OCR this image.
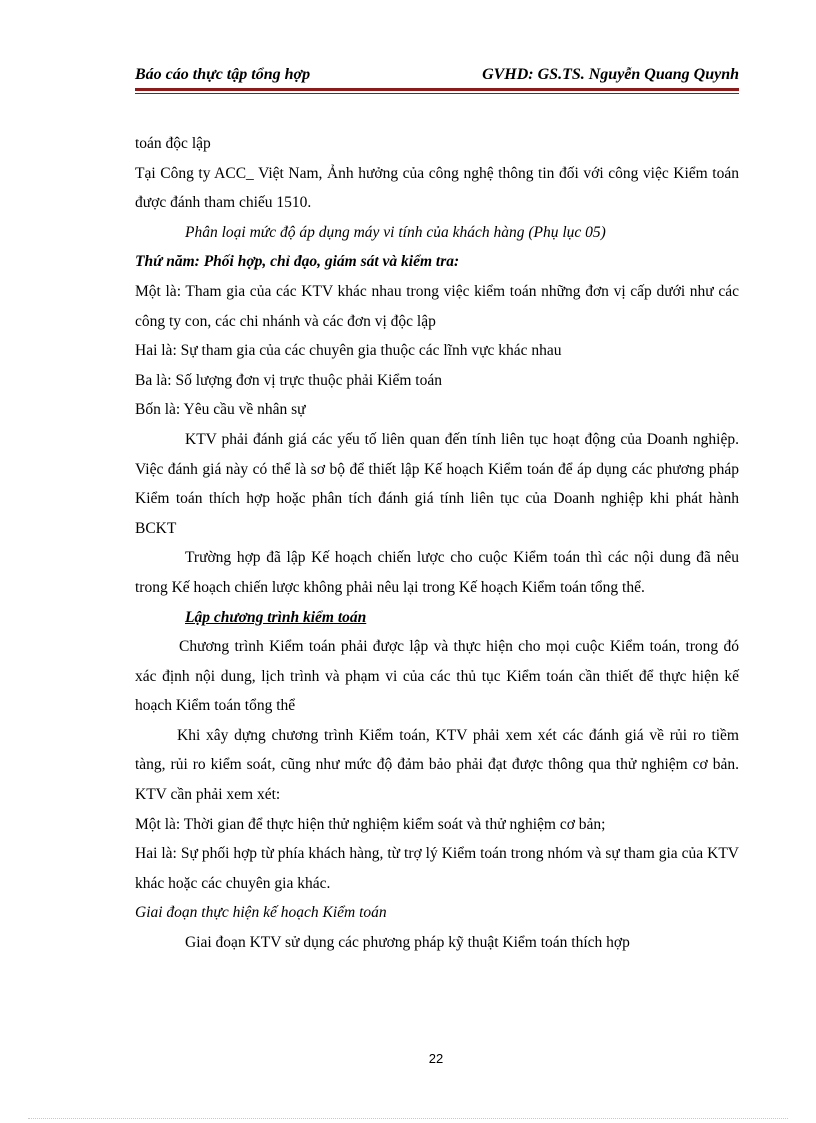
Báo cáo thực tập tổng hợp	GVHD: GS.TS. Nguyễn Quang Quynh

toán độc lập

Tại Công ty ACC_ Việt Nam, Ảnh hưởng của công nghệ thông tin đối với công việc Kiểm toán được đánh tham chiếu 1510.

Phân loại mức độ áp dụng máy vi tính của khách hàng (Phụ lục 05)

Thứ năm: Phối hợp, chỉ đạo, giám sát và kiểm tra:

Một là: Tham gia của các KTV khác nhau trong việc kiểm toán những đơn vị cấp dưới như các công ty con, các chi nhánh và các đơn vị độc lập

Hai là: Sự tham gia của các chuyên gia thuộc các lĩnh vực khác nhau

Ba là: Số lượng đơn vị trực thuộc phải Kiểm toán

Bốn là: Yêu cầu về nhân sự

KTV phải đánh giá các yếu tố liên quan đến tính liên tục hoạt động của Doanh nghiệp. Việc đánh giá này có thể là sơ bộ để thiết lập Kế hoạch Kiểm toán để áp dụng các phương pháp Kiểm toán thích hợp hoặc phân tích đánh giá tính liên tục của Doanh nghiệp khi phát hành BCKT

Trường hợp đã lập Kế hoạch chiến lược cho cuộc Kiểm toán thì các nội dung đã nêu trong Kế hoạch chiến lược không phải nêu lại trong Kế hoạch Kiểm toán tổng thể.

Lập chương trình kiểm toán

Chương trình Kiểm toán phải được lập và thực hiện cho mọi cuộc Kiểm toán, trong đó xác định nội dung, lịch trình và phạm vi của các thủ tục Kiểm toán cần thiết để thực hiện kế hoạch Kiểm toán tổng thể

Khi xây dựng chương trình Kiểm toán, KTV phải xem xét các đánh giá về rủi ro tiềm tàng, rủi ro kiểm soát, cũng như mức độ đảm bảo phải đạt được thông qua thử nghiệm cơ bản. KTV cần phải xem xét:

Một là: Thời gian để thực hiện thử nghiệm kiểm soát và thử nghiệm cơ bản;

Hai là: Sự phối hợp từ phía khách hàng, từ trợ lý Kiểm toán trong nhóm và sự tham gia của KTV khác hoặc các chuyên gia khác.

Giai đoạn thực hiện kế hoạch Kiểm toán

Giai đoạn KTV sử dụng các phương pháp kỹ thuật Kiểm toán thích hợp

22
